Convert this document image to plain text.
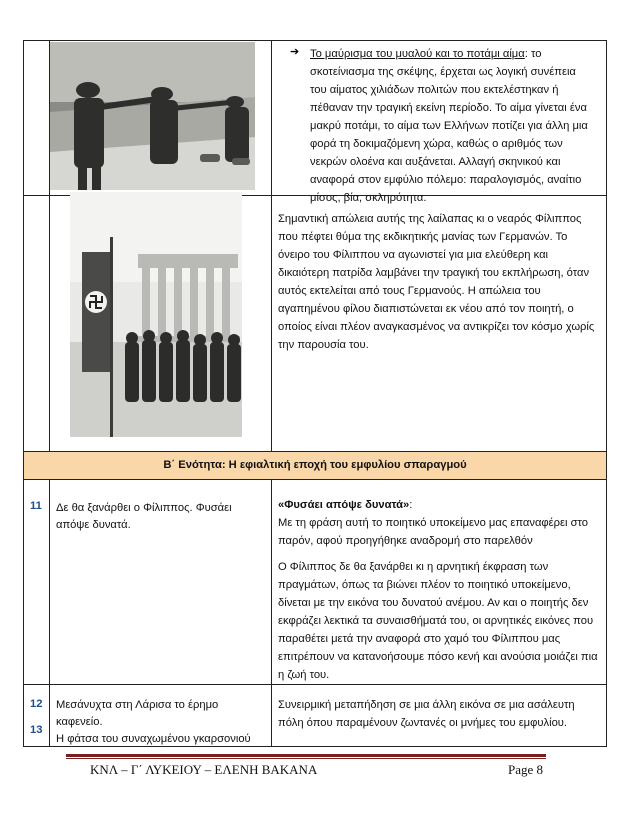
➔ Το μαύρισμα του μυαλού και το ποτάμι αίμα: το σκοτείνιασμα της σκέψης, έρχεται ως λογική συνέπεια του αίματος χιλιάδων πολιτών που εκτελέστηκαν ή πέθαναν την τραγική εκείνη περίοδο. Το αίμα γίνεται ένα μακρύ ποτάμι, το αίμα των Ελλήνων ποτίζει για άλλη μια φορά τη δοκιμαζόμενη χώρα, καθώς ο αριθμός των νεκρών ολοένα και αυξάνεται. Αλλαγή σκηνικού και αναφορά στον εμφύλιο πόλεμο: παραλογισμός, αναίτιο μίσος, βία, σκληρότητα.
Σημαντική απώλεια αυτής της λαίλαπας κι ο νεαρός Φίλιππος που πέφτει θύμα της εκδικητικής μανίας των Γερμανών. Το όνειρο του Φίλιππου να αγωνιστεί για μια ελεύθερη και δικαιότερη πατρίδα λαμβάνει την τραγική του εκπλήρωση, όταν αυτός εκτελείται από τους Γερμανούς. Η απώλεια του αγαπημένου φίλου διαπιστώνεται εκ νέου από τον ποιητή, ο οποίος είναι πλέον αναγκασμένος να αντικρίζει τον κόσμο χωρίς την παρουσία του.
Β΄ Ενότητα: Η εφιαλτική εποχή του εμφυλίου σπαραγμού
11 Δε θα ξανάρθει ο Φίλιππος. Φυσάει απόψε δυνατά.
«Φυσάει απόψε δυνατά»:
Με τη φράση αυτή το ποιητικό υποκείμενο μας επαναφέρει στο παρόν, αφού προηγήθηκε αναδρομή στο παρελθόν
Ο Φίλιππος δε θα ξανάρθει κι η αρνητική έκφραση των πραγμάτων, όπως τα βιώνει πλέον το ποιητικό υποκείμενο, δίνεται με την εικόνα του δυνατού ανέμου. Αν και ο ποιητής δεν εκφράζει λεκτικά τα συναισθήματά του, οι αρνητικές εικόνες που παραθέτει μετά την αναφορά στο χαμό του Φίλιππου μας επιτρέπουν να κατανοήσουμε πόσο κενή και ανούσια μοιάζει πια η ζωή του.
12
13
Μεσάνυχτα στη Λάρισα το έρημο καφενείο.
Η φάτσα του συναχωμένου γκαρσονιού
Συνειρμική μεταπήδηση σε μια άλλη εικόνα σε μια ασάλευτη πόλη όπου παραμένουν ζωντανές οι μνήμες του εμφυλίου.
ΚΝΛ – Γ΄ ΛΥΚΕΙΟΥ – ΕΛΕΝΗ ΒΑΚΑΝΑ	Page 8
